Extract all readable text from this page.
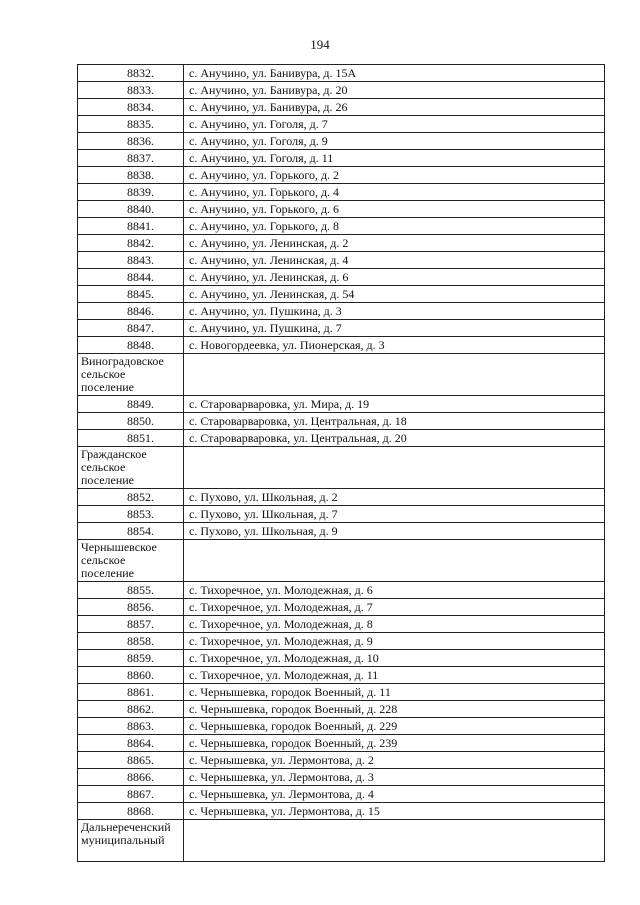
194
8832.	с. Анучино, ул. Банивура, д. 15А
8833.	с. Анучино, ул. Банивура, д. 20
8834.	с. Анучино, ул. Банивура, д. 26
8835.	с. Анучино, ул. Гоголя, д. 7
8836.	с. Анучино, ул. Гоголя, д. 9
8837.	с. Анучино, ул. Гоголя, д. 11
8838.	с. Анучино, ул. Горького, д. 2
8839.	с. Анучино, ул. Горького, д. 4
8840.	с. Анучино, ул. Горького, д. 6
8841.	с. Анучино, ул. Горького, д. 8
8842.	с. Анучино, ул. Ленинская, д. 2
8843.	с. Анучино, ул. Ленинская, д. 4
8844.	с. Анучино, ул. Ленинская, д. 6
8845.	с. Анучино, ул. Ленинская, д. 54
8846.	с. Анучино, ул. Пушкина, д. 3
8847.	с. Анучино, ул. Пушкина, д. 7
8848.	с. Новогордеевка, ул. Пионерская, д. 3
Виноградовское сельское поселение	
8849.	с. Староварваровка, ул. Мира, д. 19
8850.	с. Староварваровка, ул. Центральная, д. 18
8851.	с. Староварваровка, ул. Центральная, д. 20
Гражданское сельское поселение	
8852.	с. Пухово, ул. Школьная, д. 2
8853.	с. Пухово, ул. Школьная, д. 7
8854.	с. Пухово, ул. Школьная, д. 9
Чернышевское сельское поселение	
8855.	с. Тихоречное, ул. Молодежная, д. 6
8856.	с. Тихоречное, ул. Молодежная, д. 7
8857.	с. Тихоречное, ул. Молодежная, д. 8
8858.	с. Тихоречное, ул. Молодежная, д. 9
8859.	с. Тихоречное, ул. Молодежная, д. 10
8860.	с. Тихоречное, ул. Молодежная, д. 11
8861.	с. Чернышевка, городок Военный, д. 11
8862.	с. Чернышевка, городок Военный, д. 228
8863.	с. Чернышевка, городок Военный, д. 229
8864.	с. Чернышевка, городок Военный, д. 239
8865.	с. Чернышевка, ул. Лермонтова, д. 2
8866.	с. Чернышевка, ул. Лермонтова, д. 3
8867.	с. Чернышевка, ул. Лермонтова, д. 4
8868.	с. Чернышевка, ул. Лермонтова, д. 15
Дальнереченский муниципальный	
